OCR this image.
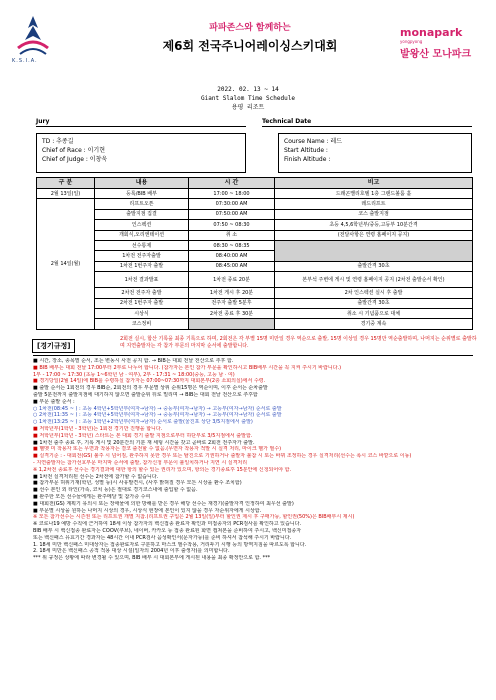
K.S.I.A.
파파존스와 함께하는
제6회 전국주니어레이싱스키대회
monapark
yongpyong
발왕산 모나파크
2022. 02. 13 ~ 14
Giant Slalom Time Schedule
용평 리조트
Jury	Technical Date
TD : 추종길
Chief of Race : 이기현
Chief of Judge : 이창욱
Course Name : 레드
Start Altitude :
Finish Altitude :
구 분	내용	시 간	비고
2월 13일(일)	등록/BIB 배부	17:00 ~ 18:00	드래곤밸리호텔 1층 그랜드볼룸 홀
2월 14일(월)	리프트오픈	07:30:00 AM	레드리프트
	출발지점 집결	07:50:00 AM	코스 출발지점
	인스펙션	07:50 ~ 08:30	초등 4,5,6학년부/중등,고등부 10분간격
	개회식,오리엔테이션	취 소	(전달사항은 연령 홈페이지 공지)
	선수통제	08:30 ~ 08:35	
	1차전 전주자출발	08:40:00 AM	
	1차전 1번주자 출발	08:45:00 AM	출발간격 30초
	1차전 결과발표	1차전 종료 20분	본부석 주변에 게시 및 연령 홈페이지 공지 (2차전 출발순서 확인)
	2차전 전주자 출발	1차전 게시 후 20분	2차 인스펙션 실시 후 출발
	2차전 1번주자 출발	전주자 출발 5분후	출발간격 30초
	시상식	2차전 종료 후 30분	취소 시 기념품으로 대체
	코스정비		경기중 계속
[경기규정]
2회전 실시, 합산 기록을 최종 기록으로 하며, 2회전은 각 부별 15명 미만일 경우 역순으로 출발, 15명 이상일 경우 15명만 역순출발하며, 나머지는 순위별로 출발하며 지연출발자는 각 참가 부문의 마지막 순서에 출발합니다.

■ 시간, 장소, 종목별 순서, 조는 변동시 사전 공지 함. → BIB는 대회 전날 전산으로 추후 함.

■ BIB 배부는 대회 전날 17:00부터 2부로 나누어 합니다. (참가자는 본인 참가 부문을 확인하시고 BIB배부 시간을 꼭 지켜 주시기 바랍니다.)

1부 - 17:00 ~ 17:30 (초등 1~6학년 남 · 여부), 2부 - 17:31 ~ 18:00(중등, 고등 남 · 여)

■ 경기당일(2월 14일)에 BIB를 수령하실 참가자는 07:00~07:30까지 대회본부(2층 소회의실)에서 수령.

■ 출발 순서는 1회전의 경우 BIB순, 2회전의 경우 부문별 상위 순위15명은 역순이며, 이후 순서는 순차출발

출발 5분전까지 출발지점에 대기하지 않으면 출발순위 뒤로 밀리며 → BIB는 대회 전날 전산으로 추후함

■ 부문 출발 순서 :

○ 1차전(08:45 ~ ) : 초등 4학년+5학년부(여자→남자) → 중등부(여자→남자) → 고등부(여자→남자) 순서로 출발

○ 2차전(11:35 ~ ) : 초등 4학년+5학년부(여자→남자) → 중등부(여자→남자) → 고등부(여자→남자) 순서로 출발

○ 1차전(13:25 ~ ) : 초등 1학년+2학년부(여자→남자) 순서로 출발(울진포 상단 3/5지점에서 출발)

■ 저학년부(1학년 - 3학년)는 1회전 경기만 진행을 합니다.

■ 저학년부(1학년 - 3학년) 스타트는 본 대회 경기 출발 지점으로부터 하단부로 3/5지점에서 출발함.

■ 1차전 출주 종료 후, 기록 게시 및 20분간의 기분 재 세팅 시간을 갖고 곧바로 2회전 전주자가 출발.

■ 헬멧 미 착용자 또는 무면과 착용자는 결코 출전할 수 없음.(무면자 착용자 적발 시 실격 처리, 마이크 헬가 필수)

■ 실격기준 : - 대회전(GS) 불주 시 넘어짐, 완주하지 못한 경우 또는 탈진으로 기권하거나 출발자 불참 시 또는 바꿔 조정하는 경우 실격처리(선수는 폭시 코스 바깥으로 이동)

- 지연출발자는 참가선호부문 마지막 순서에 출발, 참가신청 부문이 불일치하거나 지연 시 실격처리

※ 1,2차전 종료후 선수는 경기결과에 대한 항의 할수 있는 권리가 있으며, 항의는 경기종료후 15분안에 신청되어야 함.

■ 1차전 실격처리된 선수는 2차전에 참가할 수 없습니다.

■ 참가부문 허위기재(학년, 성별 등)시 사유발견시, (사후 밝혀질 경우 모든 시상을 환수 조치함)

■ 선수 본인 외 타인(가족, 코치 등)은 절대로 경기코스내에 출입할 수 없음.

■ 완주한 모든 선수들에게는 완주메달 및 참가증 수여

■ 대회전(GS) 계획기 유의시 또는 장애물에 의한 방해를 받은 경우 해당 선수는 재경기(출발자격 인정하여 최우선 출발)

■ 부문별 시상을 원하는 나머지 시상의 경우, 시상식 현장에 본인이 있지 않을 경우 자순위자에게 시상함.

※ 모든 참가선수는 시즌권 또는 리프트권 개별 지참.(리프트권 구입은 2월 13일(일)부터 할인권 제시 후 구매가능, 할인권(50%)은 BIB배부시 제시)

※ 코로나19 예방 수칙에 근거하여 18세 이상 참가자의 백신접종 완료자 확인과 미접종자의 PCR검사를 확인하고 있습니다.

BIB 배부 시 백신접종 완료자는 COOV(쿠브), 네이버, 카카오 등 접종 완료된 화면 캡쳐본을 준비하여 주시고, 백신미접종자

또는 백신패스 유효기간 경과자는 48시간 이내 PCR검사 음성확인서(문자가능)를 준비 하셔서 참석해 주시기 바랍니다.

1. 18세 미만 백신패스 미대상자는 접종완료자로 구분하고 마스크 필수착용, 거리두기 시행 등의 방역지침을 따르도록 합니다.

2. 18세 미만은 백신패스 공적 적용 대상 시설(일자의 2004년 이후 출생자)를 의미합니다.

*** 위 규정은 상황에 따라 변경될 수 있으며, BIB 배부 시 대회본부에 게시된 내용을 최종 확정안으로 함. ***
